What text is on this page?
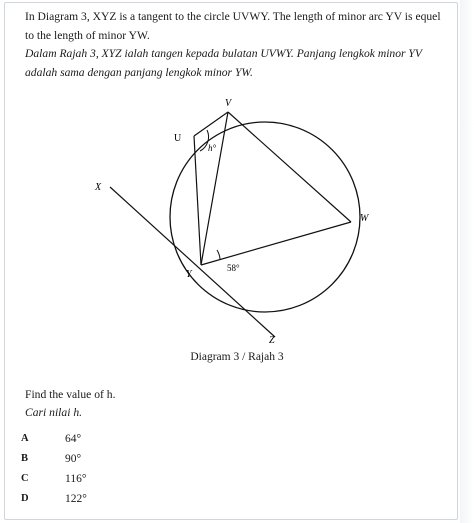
In Diagram 3, XYZ is a tangent to the circle UVWY. The length of minor arc YV is equel to the length of minor YW.

Dalam Rajah 3, XYZ ialah tangen kepada bulatan UVWY. Panjang lengkok minor YV adalah sama dengan panjang lengkok minor YW.

V
U
W
X
Y
Z
h°
58°
Diagram 3 / Rajah 3
Find the value of h.
Cari nilai h.
A	64°
B	90°
C	116°
D	122°
